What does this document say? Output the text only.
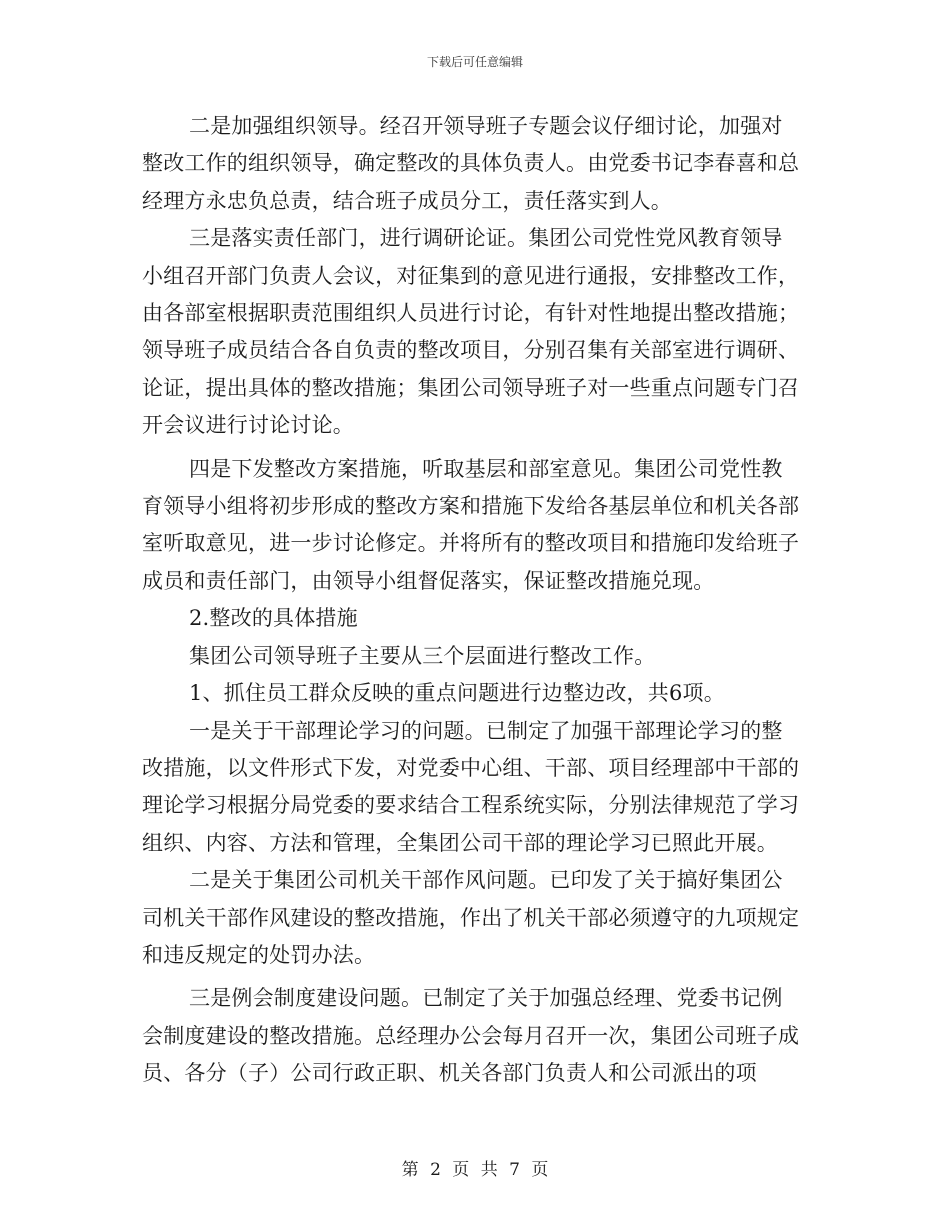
下载后可任意编辑

二是加强组织领导。经召开领导班子专题会议仔细讨论，加强对整改工作的组织领导，确定整改的具体负责人。由党委书记李春喜和总经理方永忠负总责，结合班子成员分工，责任落实到人。

三是落实责任部门，进行调研论证。集团公司党性党风教育领导小组召开部门负责人会议，对征集到的意见进行通报，安排整改工作，由各部室根据职责范围组织人员进行讨论，有针对性地提出整改措施；领导班子成员结合各自负责的整改项目，分别召集有关部室进行调研、论证，提出具体的整改措施；集团公司领导班子对一些重点问题专门召开会议进行讨论讨论。

四是下发整改方案措施，听取基层和部室意见。集团公司党性教育领导小组将初步形成的整改方案和措施下发给各基层单位和机关各部室听取意见，进一步讨论修定。并将所有的整改项目和措施印发给班子成员和责任部门，由领导小组督促落实，保证整改措施兑现。

2.整改的具体措施

集团公司领导班子主要从三个层面进行整改工作。

1、抓住员工群众反映的重点问题进行边整边改，共6项。

一是关于干部理论学习的问题。已制定了加强干部理论学习的整改措施，以文件形式下发，对党委中心组、干部、项目经理部中干部的理论学习根据分局党委的要求结合工程系统实际，分别法律规范了学习组织、内容、方法和管理，全集团公司干部的理论学习已照此开展。

二是关于集团公司机关干部作风问题。已印发了关于搞好集团公司机关干部作风建设的整改措施，作出了机关干部必须遵守的九项规定和违反规定的处罚办法。

三是例会制度建设问题。已制定了关于加强总经理、党委书记例会制度建设的整改措施。总经理办公会每月召开一次，集团公司班子成员、各分（子）公司行政正职、机关各部门负责人和公司派出的项

第 2 页 共 7 页
